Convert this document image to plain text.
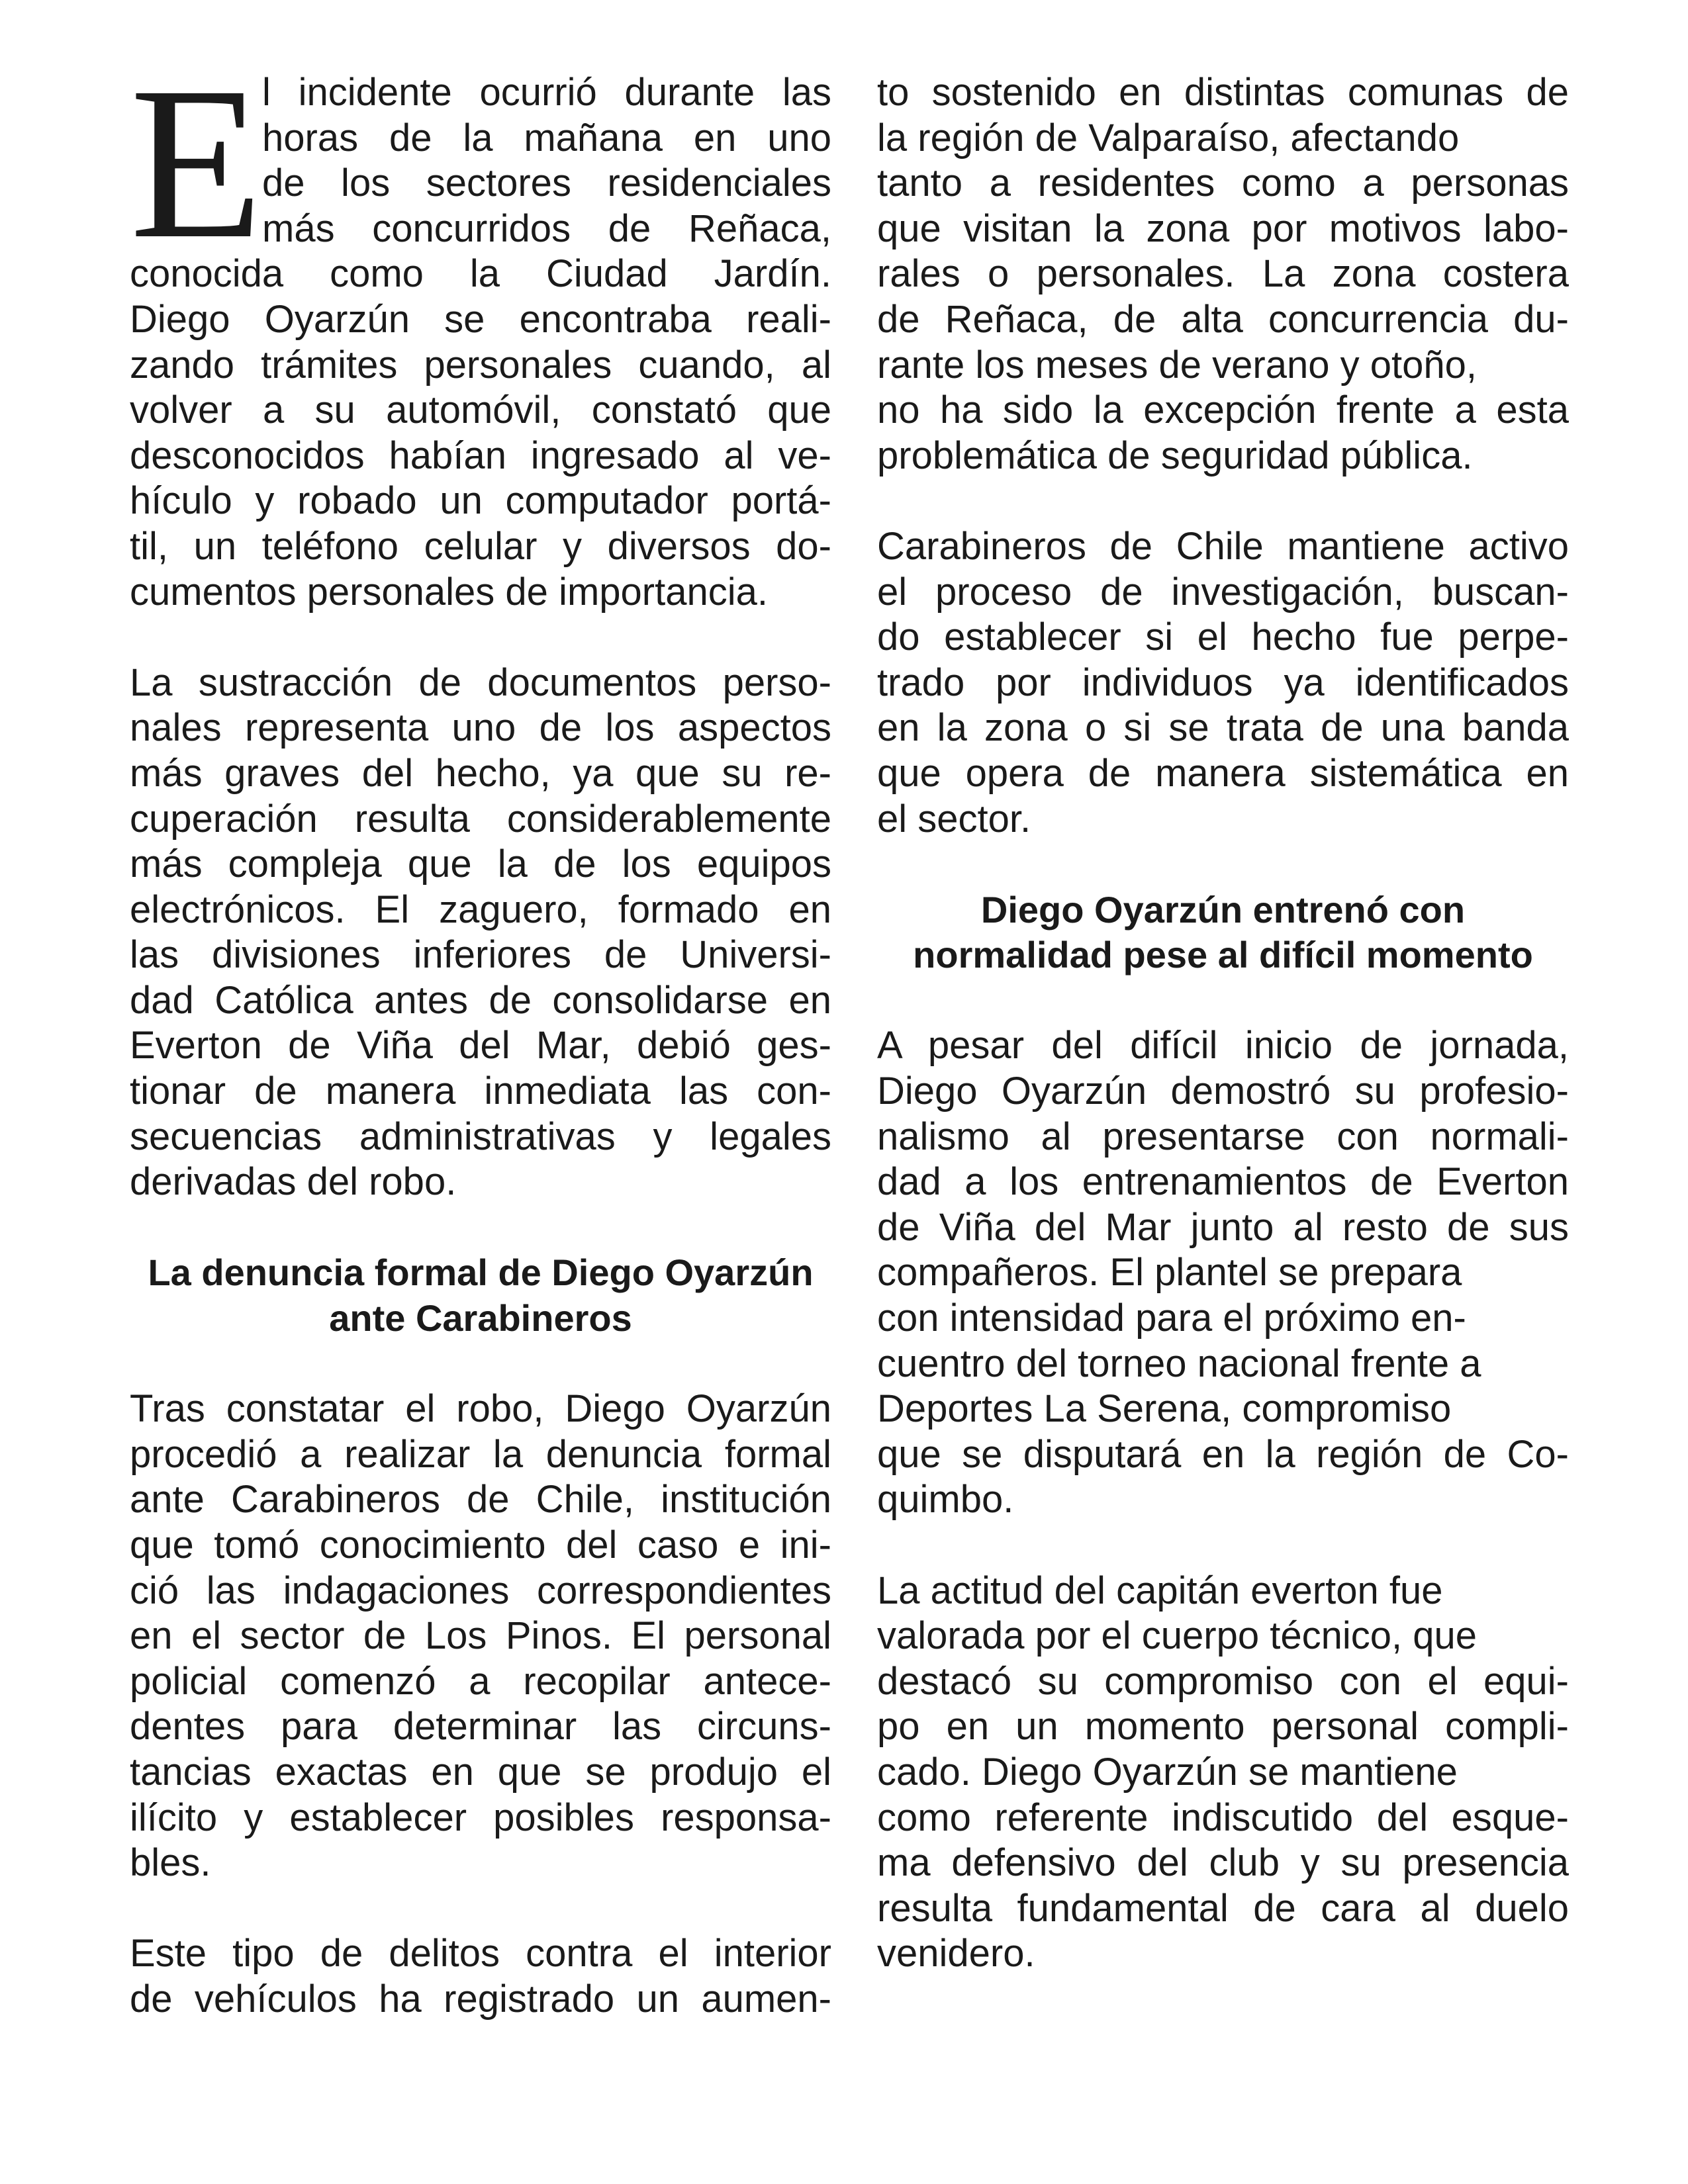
E
l incidente ocurrió durante las
horas de la mañana en uno
de los sectores residenciales
más concurridos de Reñaca,
conocida como la Ciudad Jardín.
Diego Oyarzún se encontraba reali-
zando trámites personales cuando, al
volver a su automóvil, constató que
desconocidos habían ingresado al ve-
hículo y robado un computador portá-
til, un teléfono celular y diversos do-
cumentos personales de importancia.
La sustracción de documentos perso-
nales representa uno de los aspectos
más graves del hecho, ya que su re-
cuperación resulta considerablemente
más compleja que la de los equipos
electrónicos. El zaguero, formado en
las divisiones inferiores de Universi-
dad Católica antes de consolidarse en
Everton de Viña del Mar, debió ges-
tionar de manera inmediata las con-
secuencias administrativas y legales
derivadas del robo.
La denuncia formal de Diego Oyarzún
ante Carabineros
Tras constatar el robo, Diego Oyarzún
procedió a realizar la denuncia formal
ante Carabineros de Chile, institución
que tomó conocimiento del caso e ini-
ció las indagaciones correspondientes
en el sector de Los Pinos. El personal
policial comenzó a recopilar antece-
dentes para determinar las circuns-
tancias exactas en que se produjo el
ilícito y establecer posibles responsa-
bles.
Este tipo de delitos contra el interior
de vehículos ha registrado un aumen-
to sostenido en distintas comunas de
la región de Valparaíso, afectando
tanto a residentes como a personas
que visitan la zona por motivos labo-
rales o personales. La zona costera
de Reñaca, de alta concurrencia du-
rante los meses de verano y otoño,
no ha sido la excepción frente a esta
problemática de seguridad pública.
Carabineros de Chile mantiene activo
el proceso de investigación, buscan-
do establecer si el hecho fue perpe-
trado por individuos ya identificados
en la zona o si se trata de una banda
que opera de manera sistemática en
el sector.
Diego Oyarzún entrenó con
normalidad pese al difícil momento
A pesar del difícil inicio de jornada,
Diego Oyarzún demostró su profesio-
nalismo al presentarse con normali-
dad a los entrenamientos de Everton
de Viña del Mar junto al resto de sus
compañeros. El plantel se prepara
con intensidad para el próximo en-
cuentro del torneo nacional frente a
Deportes La Serena, compromiso
que se disputará en la región de Co-
quimbo.
La actitud del capitán everton fue
valorada por el cuerpo técnico, que
destacó su compromiso con el equi-
po en un momento personal compli-
cado. Diego Oyarzún se mantiene
como referente indiscutido del esque-
ma defensivo del club y su presencia
resulta fundamental de cara al duelo
venidero.
